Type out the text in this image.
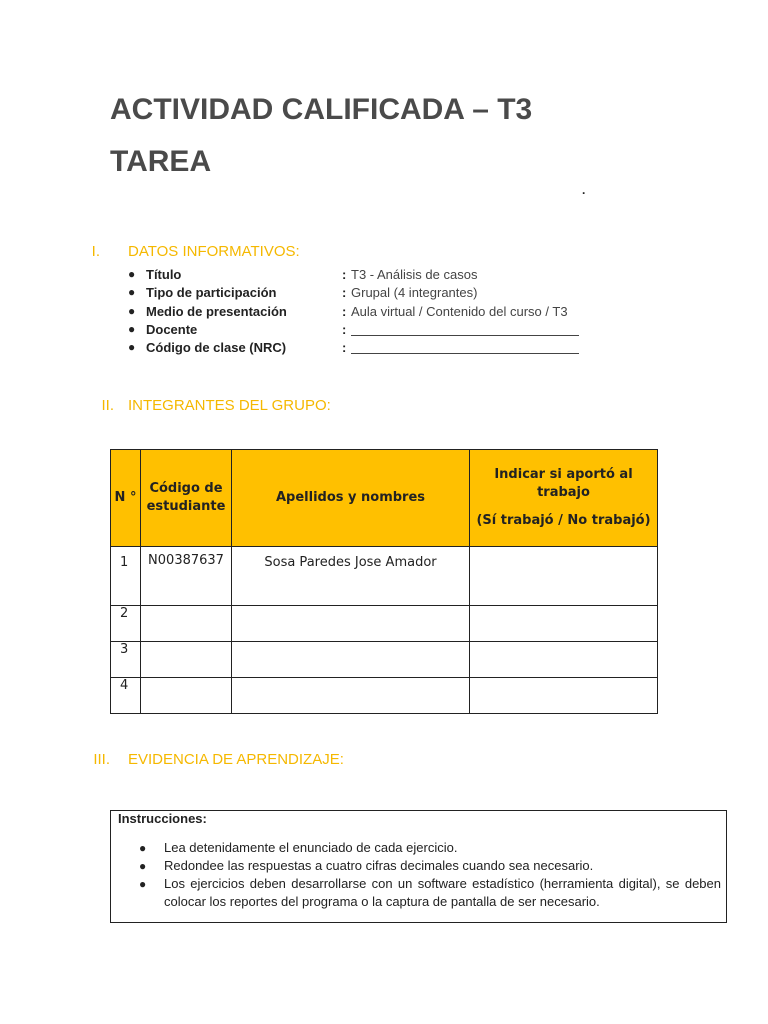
ACTIVIDAD CALIFICADA – T3
TAREA
.
I. DATOS INFORMATIVOS:
● Título	: T3 - Análisis de casos
● Tipo de participación	: Grupal (4 integrantes)
● Medio de presentación	: Aula virtual / Contenido del curso / T3
● Docente	:
● Código de clase (NRC)	:
II. INTEGRANTES DEL GRUPO:
N °	Código de estudiante	Apellidos y nombres	Indicar si aportó al trabajo

(Sí trabajó / No trabajó)

1	N00387637	Sosa Paredes Jose Amador	
2			
3			
4			
III. EVIDENCIA DE APRENDIZAJE:
Instrucciones:
● Lea detenidamente el enunciado de cada ejercicio.
● Redondee las respuestas a cuatro cifras decimales cuando sea necesario.
● Los ejercicios deben desarrollarse con un software estadístico (herramienta digital), se deben colocar los reportes del programa o la captura de pantalla de ser necesario.
